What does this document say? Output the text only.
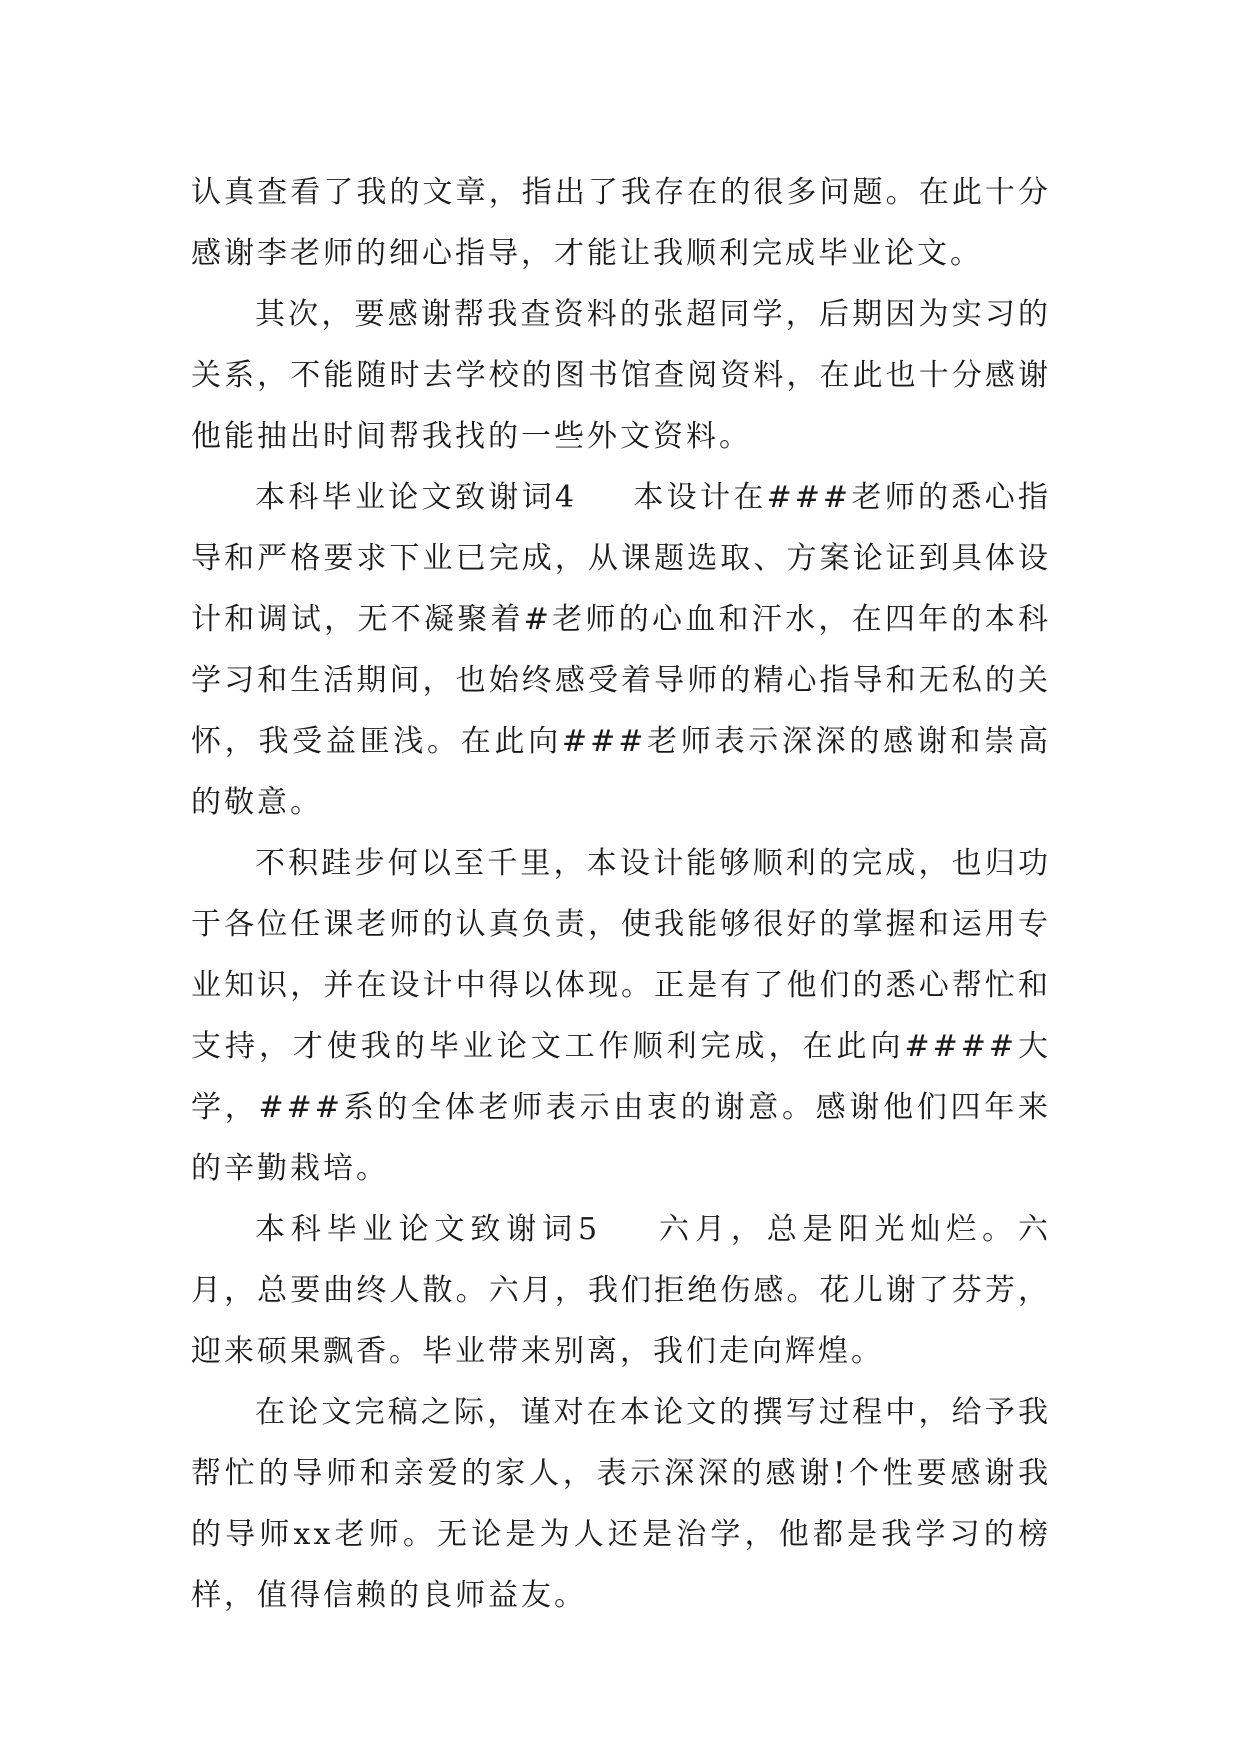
认真查看了我的文章，指出了我存在的很多问题。在此十分感谢李老师的细心指导，才能让我顺利完成毕业论文。

其次，要感谢帮我查资料的张超同学，后期因为实习的关系，不能随时去学校的图书馆查阅资料，在此也十分感谢他能抽出时间帮我找的一些外文资料。

本科毕业论文致谢词4 本设计在###老师的悉心指导和严格要求下业已完成，从课题选取、方案论证到具体设计和调试，无不凝聚着#老师的心血和汗水，在四年的本科学习和生活期间，也始终感受着导师的精心指导和无私的关怀，我受益匪浅。在此向###老师表示深深的感谢和崇高的敬意。

不积跬步何以至千里，本设计能够顺利的完成，也归功于各位任课老师的认真负责，使我能够很好的掌握和运用专业知识，并在设计中得以体现。正是有了他们的悉心帮忙和支持，才使我的毕业论文工作顺利完成，在此向####大学，###系的全体老师表示由衷的谢意。感谢他们四年来的辛勤栽培。

本科毕业论文致谢词5 六月，总是阳光灿烂。六月，总要曲终人散。六月，我们拒绝伤感。花儿谢了芬芳，迎来硕果飘香。毕业带来别离，我们走向辉煌。

在论文完稿之际，谨对在本论文的撰写过程中，给予我帮忙的导师和亲爱的家人，表示深深的感谢!个性要感谢我的导师xx老师。无论是为人还是治学，他都是我学习的榜样，值得信赖的良师益友。
